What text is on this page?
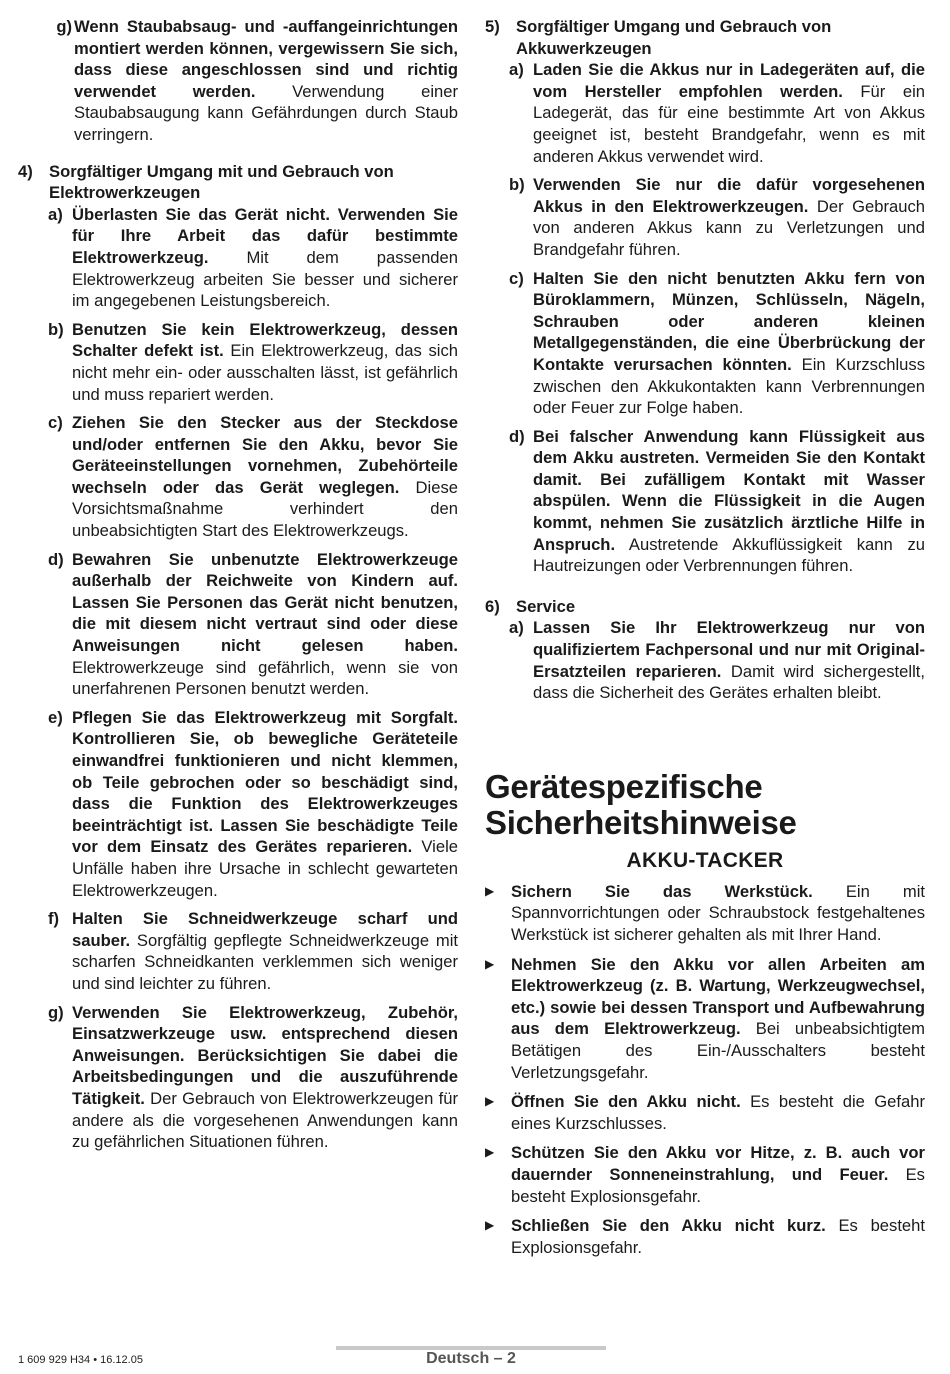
g) Wenn Staubabsaug- und -auffangeinrichtungen montiert werden können, vergewissern Sie sich, dass diese angeschlossen sind und richtig verwendet werden. Verwendung einer Staubabsaugung kann Gefährdungen durch Staub verringern.
4) Sorgfältiger Umgang mit und Gebrauch von Elektrowerkzeugen
a) Überlasten Sie das Gerät nicht. Verwenden Sie für Ihre Arbeit das dafür bestimmte Elektrowerkzeug. Mit dem passenden Elektrowerkzeug arbeiten Sie besser und sicherer im angegebenen Leistungsbereich.
b) Benutzen Sie kein Elektrowerkzeug, dessen Schalter defekt ist. Ein Elektrowerkzeug, das sich nicht mehr ein- oder ausschalten lässt, ist gefährlich und muss repariert werden.
c) Ziehen Sie den Stecker aus der Steckdose und/oder entfernen Sie den Akku, bevor Sie Geräteeinstellungen vornehmen, Zubehörteile wechseln oder das Gerät weglegen. Diese Vorsichtsmaßnahme verhindert den unbeabsichtigten Start des Elektrowerkzeugs.
d) Bewahren Sie unbenutzte Elektrowerkzeuge außerhalb der Reichweite von Kindern auf. Lassen Sie Personen das Gerät nicht benutzen, die mit diesem nicht vertraut sind oder diese Anweisungen nicht gelesen haben. Elektrowerkzeuge sind gefährlich, wenn sie von unerfahrenen Personen benutzt werden.
e) Pflegen Sie das Elektrowerkzeug mit Sorgfalt. Kontrollieren Sie, ob bewegliche Geräteteile einwandfrei funktionieren und nicht klemmen, ob Teile gebrochen oder so beschädigt sind, dass die Funktion des Elektrowerkzeuges beeinträchtigt ist. Lassen Sie beschädigte Teile vor dem Einsatz des Gerätes reparieren. Viele Unfälle haben ihre Ursache in schlecht gewarteten Elektrowerkzeugen.
f) Halten Sie Schneidwerkzeuge scharf und sauber. Sorgfältig gepflegte Schneidwerkzeuge mit scharfen Schneidkanten verklemmen sich weniger und sind leichter zu führen.
g) Verwenden Sie Elektrowerkzeug, Zubehör, Einsatzwerkzeuge usw. entsprechend diesen Anweisungen. Berücksichtigen Sie dabei die Arbeitsbedingungen und die auszuführende Tätigkeit. Der Gebrauch von Elektrowerkzeugen für andere als die vorgesehenen Anwendungen kann zu gefährlichen Situationen führen.
5) Sorgfältiger Umgang und Gebrauch von Akkuwerkzeugen
a) Laden Sie die Akkus nur in Ladegeräten auf, die vom Hersteller empfohlen werden. Für ein Ladegerät, das für eine bestimmte Art von Akkus geeignet ist, besteht Brandgefahr, wenn es mit anderen Akkus verwendet wird.
b) Verwenden Sie nur die dafür vorgesehenen Akkus in den Elektrowerkzeugen. Der Gebrauch von anderen Akkus kann zu Verletzungen und Brandgefahr führen.
c) Halten Sie den nicht benutzten Akku fern von Büroklammern, Münzen, Schlüsseln, Nägeln, Schrauben oder anderen kleinen Metallgegenständen, die eine Überbrückung der Kontakte verursachen könnten. Ein Kurzschluss zwischen den Akkukontakten kann Verbrennungen oder Feuer zur Folge haben.
d) Bei falscher Anwendung kann Flüssigkeit aus dem Akku austreten. Vermeiden Sie den Kontakt damit. Bei zufälligem Kontakt mit Wasser abspülen. Wenn die Flüssigkeit in die Augen kommt, nehmen Sie zusätzlich ärztliche Hilfe in Anspruch. Austretende Akkuflüssigkeit kann zu Hautreizungen oder Verbrennungen führen.
6) Service
a) Lassen Sie Ihr Elektrowerkzeug nur von qualifiziertem Fachpersonal und nur mit Original-Ersatzteilen reparieren. Damit wird sichergestellt, dass die Sicherheit des Gerätes erhalten bleibt.
Gerätespezifische
Sicherheitshinweise
AKKU-TACKER
▶	Sichern Sie das Werkstück. Ein mit Spannvorrichtungen oder Schraubstock festgehaltenes Werkstück ist sicherer gehalten als mit Ihrer Hand.
▶	Nehmen Sie den Akku vor allen Arbeiten am Elektrowerkzeug (z. B. Wartung, Werkzeugwechsel, etc.) sowie bei dessen Transport und Aufbewahrung aus dem Elektrowerkzeug. Bei unbeabsichtigtem Betätigen des Ein-/Ausschalters besteht Verletzungsgefahr.
▶	Öffnen Sie den Akku nicht. Es besteht die Gefahr eines Kurzschlusses.
▶	Schützen Sie den Akku vor Hitze, z. B. auch vor dauernder Sonneneinstrahlung, und Feuer. Es besteht Explosionsgefahr.
▶	Schließen Sie den Akku nicht kurz. Es besteht Explosionsgefahr.
1 609 929 H34 • 16.12.05	Deutsch – 2
